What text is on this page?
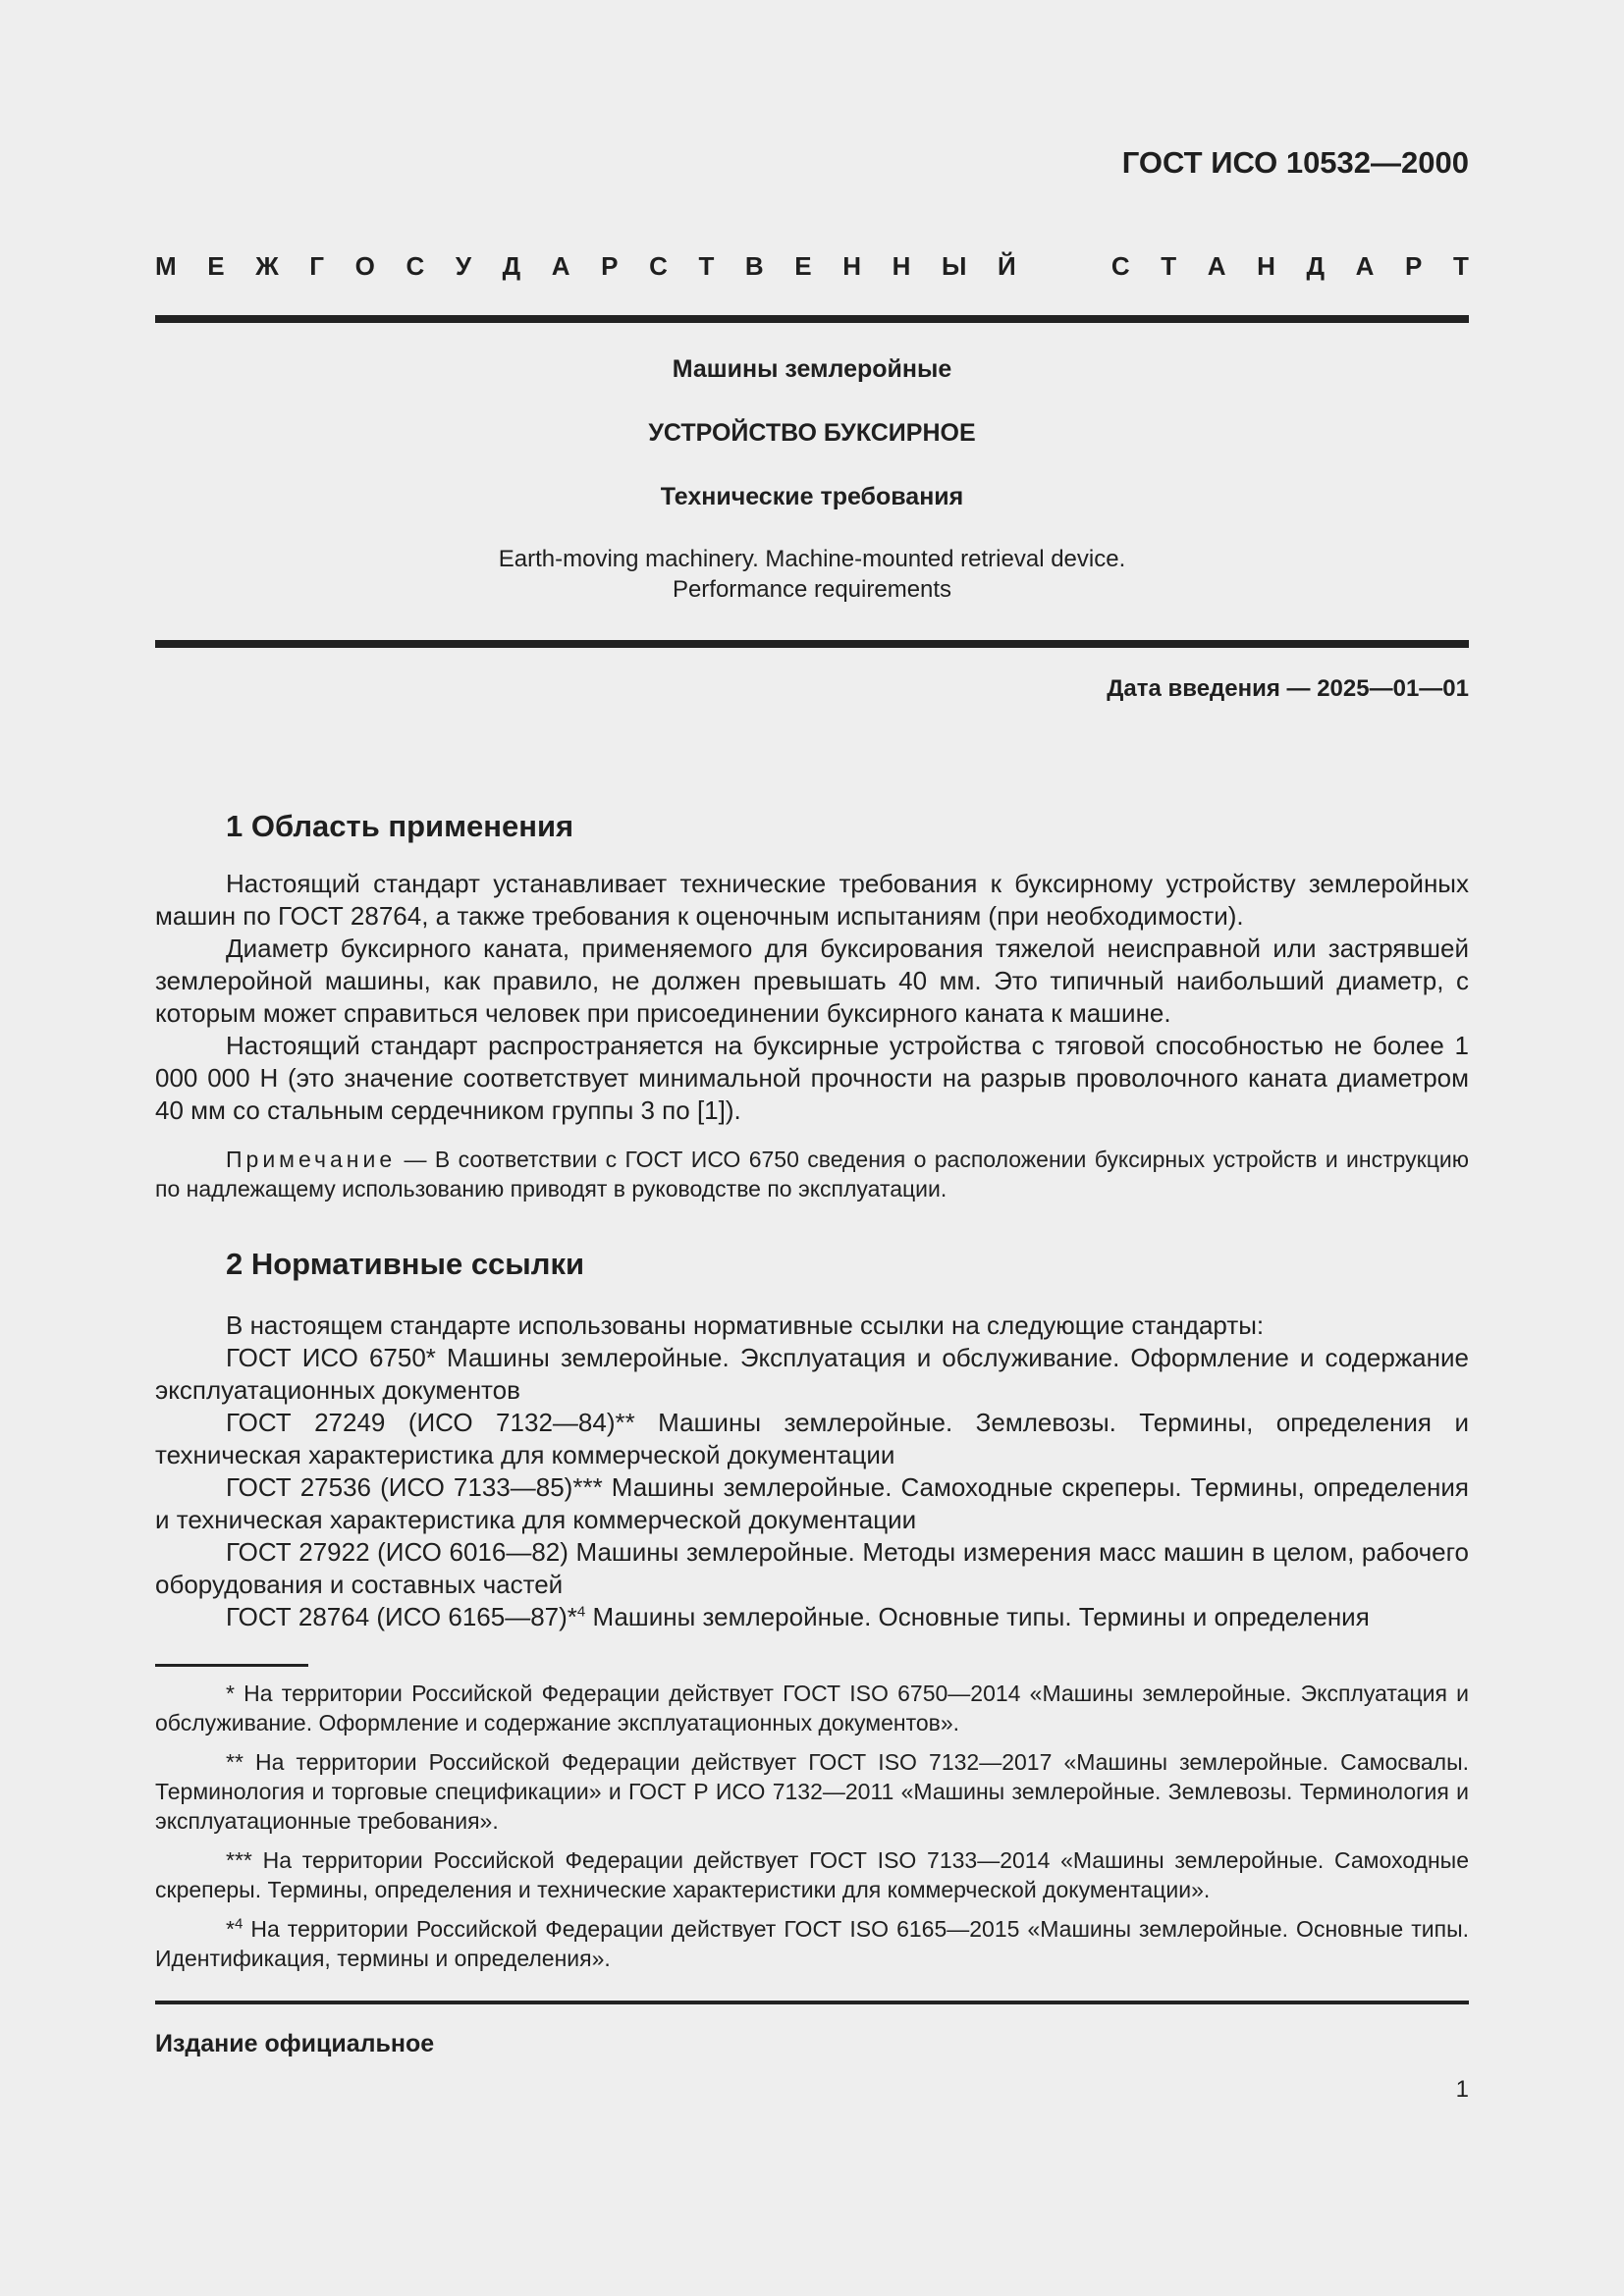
ГОСТ ИСО 10532—2000
М Е Ж Г О С У Д А Р С Т В Е Н Н Ы Й	С Т А Н Д А Р Т
Машины землеройные
УСТРОЙСТВО БУКСИРНОЕ
Технические требования
Earth-moving machinery. Machine-mounted retrieval device.
Performance requirements
Дата введения — 2025—01—01
1 Область применения

Настоящий стандарт устанавливает технические требования к буксирному устройству землеройных машин по ГОСТ 28764, а также требования к оценочным испытаниям (при необходимости).

Диаметр буксирного каната, применяемого для буксирования тяжелой неисправной или застрявшей землеройной машины, как правило, не должен превышать 40 мм. Это типичный наибольший диаметр, с которым может справиться человек при присоединении буксирного каната к машине.

Настоящий стандарт распространяется на буксирные устройства с тяговой способностью не более 1 000 000 Н (это значение соответствует минимальной прочности на разрыв проволочного каната диаметром 40 мм со стальным сердечником группы 3 по [1]).

Примечание — В соответствии с ГОСТ ИСО 6750 сведения о расположении буксирных устройств и инструкцию по надлежащему использованию приводят в руководстве по эксплуатации.
2 Нормативные ссылки

В настоящем стандарте использованы нормативные ссылки на следующие стандарты:

ГОСТ ИСО 6750* Машины землеройные. Эксплуатация и обслуживание. Оформление и содержание эксплуатационных документов

ГОСТ 27249 (ИСО 7132—84)** Машины землеройные. Землевозы. Термины, определения и техническая характеристика для коммерческой документации

ГОСТ 27536 (ИСО 7133—85)*** Машины землеройные. Самоходные скреперы. Термины, определения и техническая характеристика для коммерческой документации

ГОСТ 27922 (ИСО 6016—82) Машины землеройные. Методы измерения масс машин в целом, рабочего оборудования и составных частей

ГОСТ 28764 (ИСО 6165—87)*$^4$ Машины землеройные. Основные типы. Термины и определения

* На территории Российской Федерации действует ГОСТ ISO 6750—2014 «Машины землеройные. Эксплуатация и обслуживание. Оформление и содержание эксплуатационных документов».

** На территории Российской Федерации действует ГОСТ ISO 7132—2017 «Машины землеройные. Самосвалы. Терминология и торговые спецификации» и ГОСТ Р ИСО 7132—2011 «Машины землеройные. Землевозы. Терминология и эксплуатационные требования».

*** На территории Российской Федерации действует ГОСТ ISO 7133—2014 «Машины землеройные. Самоходные скреперы. Термины, определения и технические характеристики для коммерческой документации».

*$^4$ На территории Российской Федерации действует ГОСТ ISO 6165—2015 «Машины землеройные. Основные типы. Идентификация, термины и определения».

Издание официальное
1
